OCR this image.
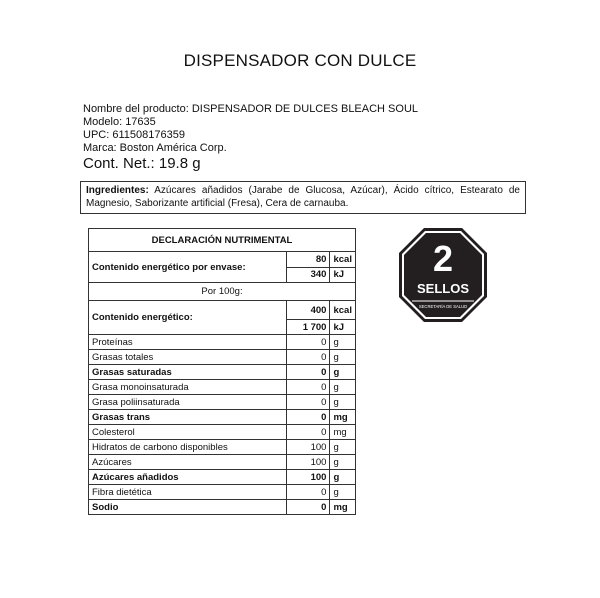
DISPENSADOR CON DULCE
Nombre del producto: DISPENSADOR DE DULCES BLEACH SOUL
Modelo: 17635
UPC: 611508176359
Marca: Boston América Corp.
Cont. Net.: 19.8 g
Ingredientes: Azúcares añadidos (Jarabe de Glucosa, Azúcar), Ácido cítrico, Estearato de Magnesio, Saborizante artificial (Fresa), Cera de carnauba.
DECLARACIÓN NUTRIMENTAL		
Contenido energético por envase:	80	kcal
	340	kJ
Por 100g:		
Contenido energético:	400	kcal
	1 700	kJ
Proteínas	0	g
Grasas totales	0	g
Grasas saturadas	0	g
Grasa monoinsaturada	0	g
Grasa poliinsaturada	0	g
Grasas trans	0	mg
Colesterol	0	mg
Hidratos de carbono disponibles	100	g
Azúcares	100	g
Azúcares añadidos	100	g
Fibra dietética	0	g
Sodio	0	mg
2
SELLOS
SECRETARÍA DE SALUD
